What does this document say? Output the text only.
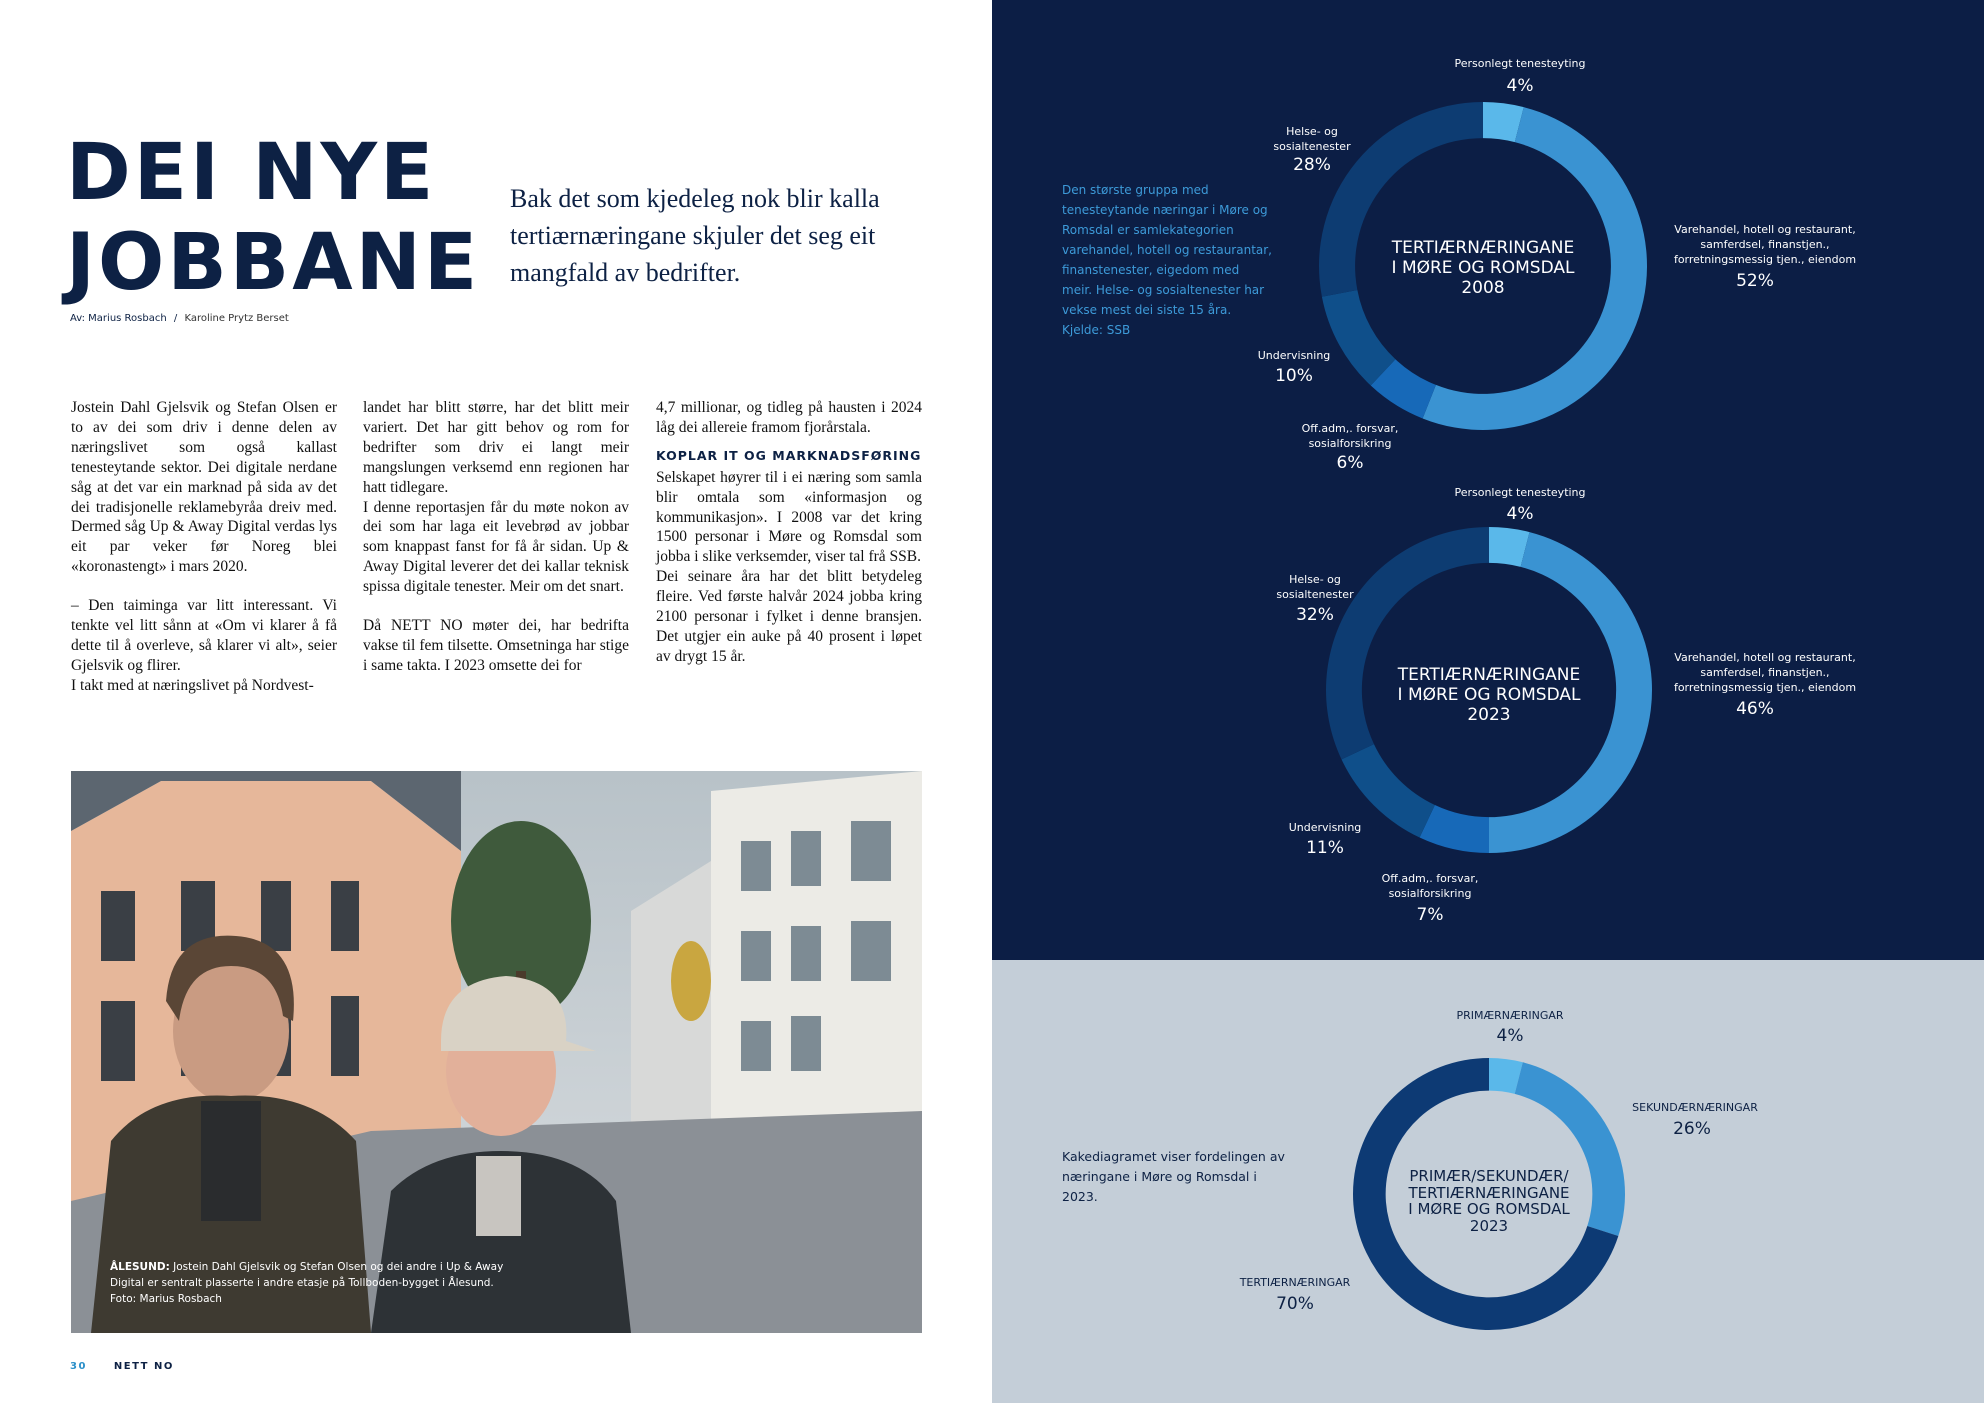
DEI NYE
JOBBANE

Bak det som kjedeleg nok blir kalla tertiærnæringane skjuler det seg eit mangfald av bedrifter.

Av: Marius Rosbach / Karoline Prytz Berset

Jostein Dahl Gjelsvik og Stefan Olsen er to av dei som driv i denne delen av næringslivet som også kallast tenesteytande sektor. Dei digitale nerdane såg at det var ein marknad på sida av det dei tradisjonelle reklamebyråa dreiv med. Dermed såg Up & Away Digital verdas lys eit par veker før Noreg blei «koronastengt» i mars 2020.

– Den taiminga var litt interessant. Vi tenkte vel litt sånn at «Om vi klarer å få dette til å overleve, så klarer vi alt», seier Gjelsvik og flirer.

I takt med at næringslivet på Nordvest-

landet har blitt større, har det blitt meir variert. Det har gitt behov og rom for bedrifter som driv ei langt meir mangslungen verksemd enn regionen har hatt tidlegare.

I denne reportasjen får du møte nokon av dei som har laga eit levebrød av jobbar som knappast fanst for få år sidan. Up & Away Digital leverer det dei kallar teknisk spissa digitale tenester. Meir om det snart.

Då NETT NO møter dei, har bedrifta vakse til fem tilsette. Omsetninga har stige i same takta. I 2023 omsette dei for

4,7 millionar, og tidleg på hausten i 2024 låg dei allereie framom fjorårstala.

KOPLAR IT OG MARKNADSFØRING

Selskapet høyrer til i ei næring som samla blir omtala som «informasjon og kommunikasjon». I 2008 var det kring 1500 personar i Møre og Romsdal som jobba i slike verksemder, viser tal frå SSB.

Dei seinare åra har det blitt betydeleg fleire. Ved første halvår 2024 jobba kring 2100 personar i fylket i denne bransjen. Det utgjer ein auke på 40 prosent i løpet av drygt 15 år.

ÅLESUND: Jostein Dahl Gjelsvik og Stefan Olsen og dei andre i Up & Away Digital er sentralt plasserte i andre etasje på Tollboden-bygget i Ålesund.
Foto: Marius Rosbach
30	NETT NO
Den største gruppa med tenesteytande næringar i Møre og Romsdal er samlekategorien varehandel, hotell og restaurantar, finanstenester, eigedom med meir. Helse- og sosialtenester har vekse mest dei siste 15 åra. Kjelde: SSB
Kakediagramet viser fordelingen av næringane i Møre og Romsdal i 2023.
TERTIÆRNÆRINGANE
I MØRE OG ROMSDAL
2008
Personlegt tenesteyting
4%
Varehandel, hotell og restaurant, samferdsel, finanstjen., forretningsmessig tjen., eiendom
52%
Off.adm,. forsvar, sosialforsikring
6%
Undervisning
10%
Helse- og sosialtenester
28%
TERTIÆRNÆRINGANE
I MØRE OG ROMSDAL
2023
Personlegt tenesteyting
4%
Varehandel, hotell og restaurant, samferdsel, finanstjen., forretningsmessig tjen., eiendom
46%
Off.adm,. forsvar, sosialforsikring
7%
Undervisning
11%
Helse- og sosialtenester
32%
PRIMÆR/SEKUNDÆR/
TERTIÆRNÆRINGANE
I MØRE OG ROMSDAL
2023
PRIMÆRNÆRINGAR
4%
SEKUNDÆRNÆRINGAR
26%
TERTIÆRNÆRINGAR
70%
